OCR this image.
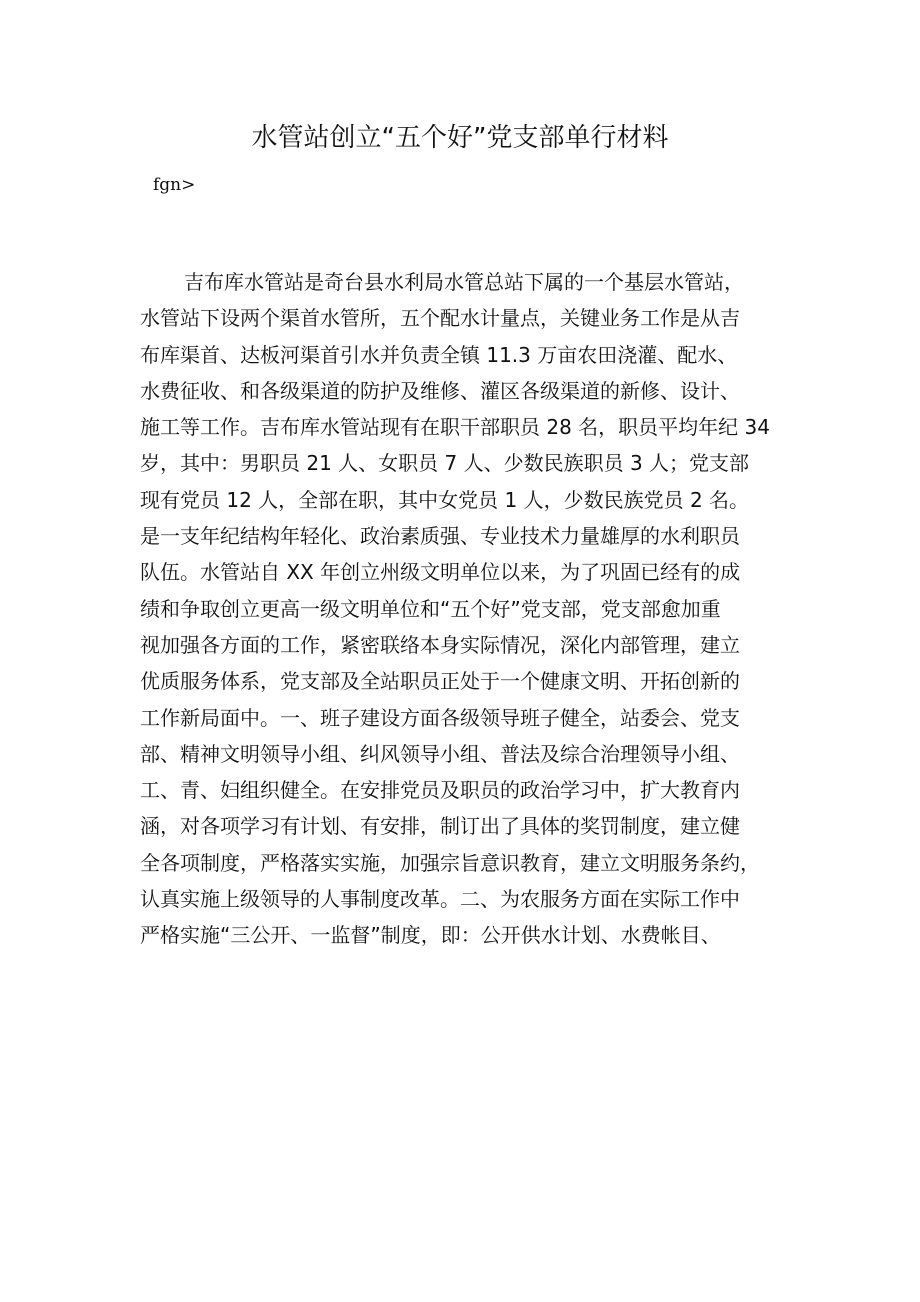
水管站创立“五个好”党支部单行材料
fgn>
吉布库水管站是奇台县水利局水管总站下属的一个基层水管站，
水管站下设两个渠首水管所，五个配水计量点，关键业务工作是从吉
布库渠首、达板河渠首引水并负责全镇 11.3 万亩农田浇灌、配水、
水费征收、和各级渠道的防护及维修、灌区各级渠道的新修、设计、
施工等工作。吉布库水管站现有在职干部职员 28 名，职员平均年纪 34
岁，其中：男职员 21 人、女职员 7 人、少数民族职员 3 人；党支部
现有党员 12 人，全部在职，其中女党员 1 人，少数民族党员 2 名。
是一支年纪结构年轻化、政治素质强、专业技术力量雄厚的水利职员
队伍。水管站自 XX 年创立州级文明单位以来，为了巩固已经有的成
绩和争取创立更高一级文明单位和“五个好”党支部，党支部愈加重
视加强各方面的工作，紧密联络本身实际情况，深化内部管理，建立
优质服务体系，党支部及全站职员正处于一个健康文明、开拓创新的
工作新局面中。一、班子建设方面各级领导班子健全，站委会、党支
部、精神文明领导小组、纠风领导小组、普法及综合治理领导小组、
工、青、妇组织健全。在安排党员及职员的政治学习中，扩大教育内
涵，对各项学习有计划、有安排，制订出了具体的奖罚制度，建立健
全各项制度，严格落实实施，加强宗旨意识教育，建立文明服务条约，
认真实施上级领导的人事制度改革。二、为农服务方面在实际工作中
严格实施“三公开、一监督”制度，即：公开供水计划、水费帐目、
